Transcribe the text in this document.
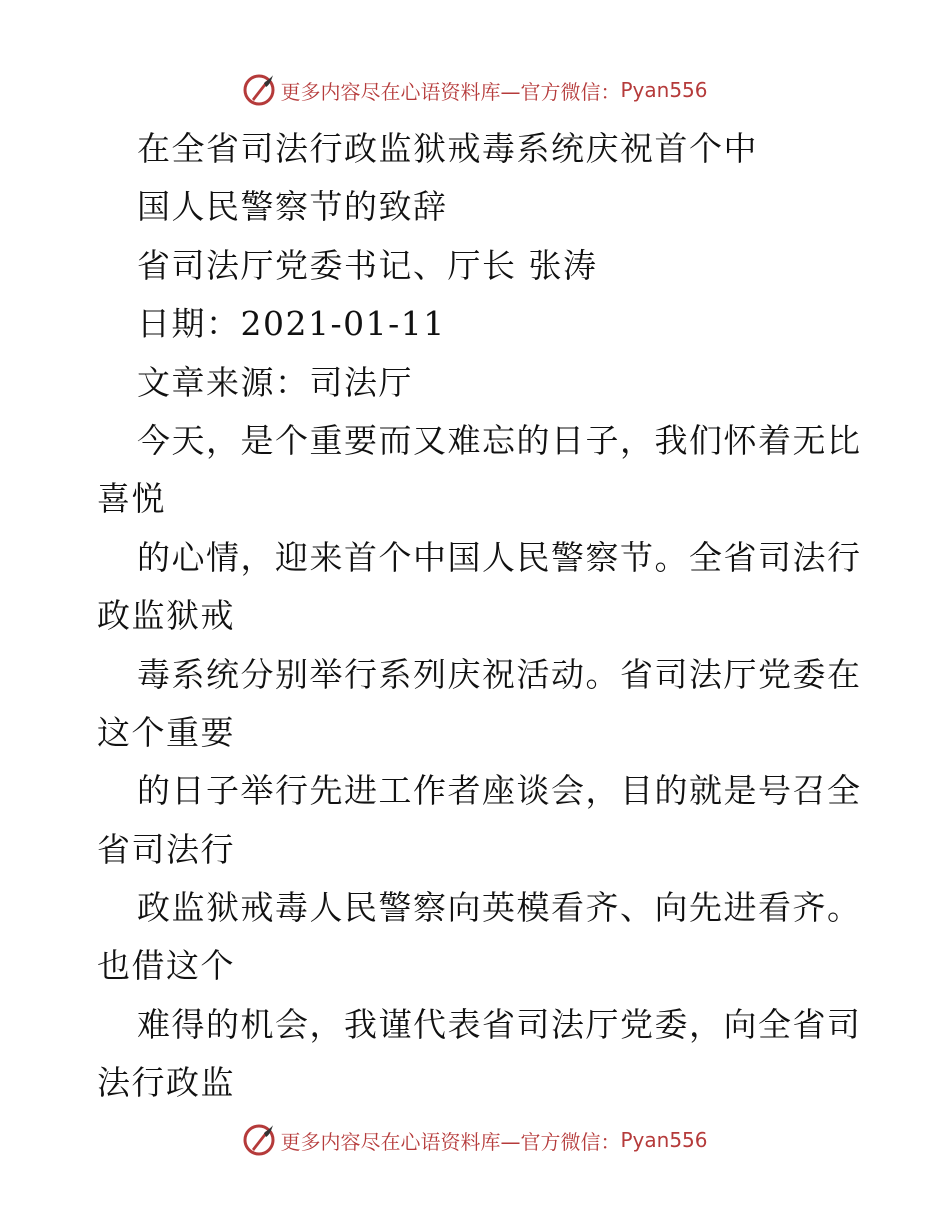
更多内容尽在心语资料库—官方微信： Pyan556
在全省司法行政监狱戒毒系统庆祝首个中
国人民警察节的致辞
省司法厅党委书记、厅长 张涛
日期：2021-01-11
文章来源：司法厅
今天，是个重要而又难忘的日子，我们怀着无比
喜悦
的心情，迎来首个中国人民警察节。全省司法行
政监狱戒
毒系统分别举行系列庆祝活动。省司法厅党委在
这个重要
的日子举行先进工作者座谈会，目的就是号召全
省司法行
政监狱戒毒人民警察向英模看齐、向先进看齐。
也借这个
难得的机会，我谨代表省司法厅党委，向全省司
法行政监
更多内容尽在心语资料库—官方微信： Pyan556
